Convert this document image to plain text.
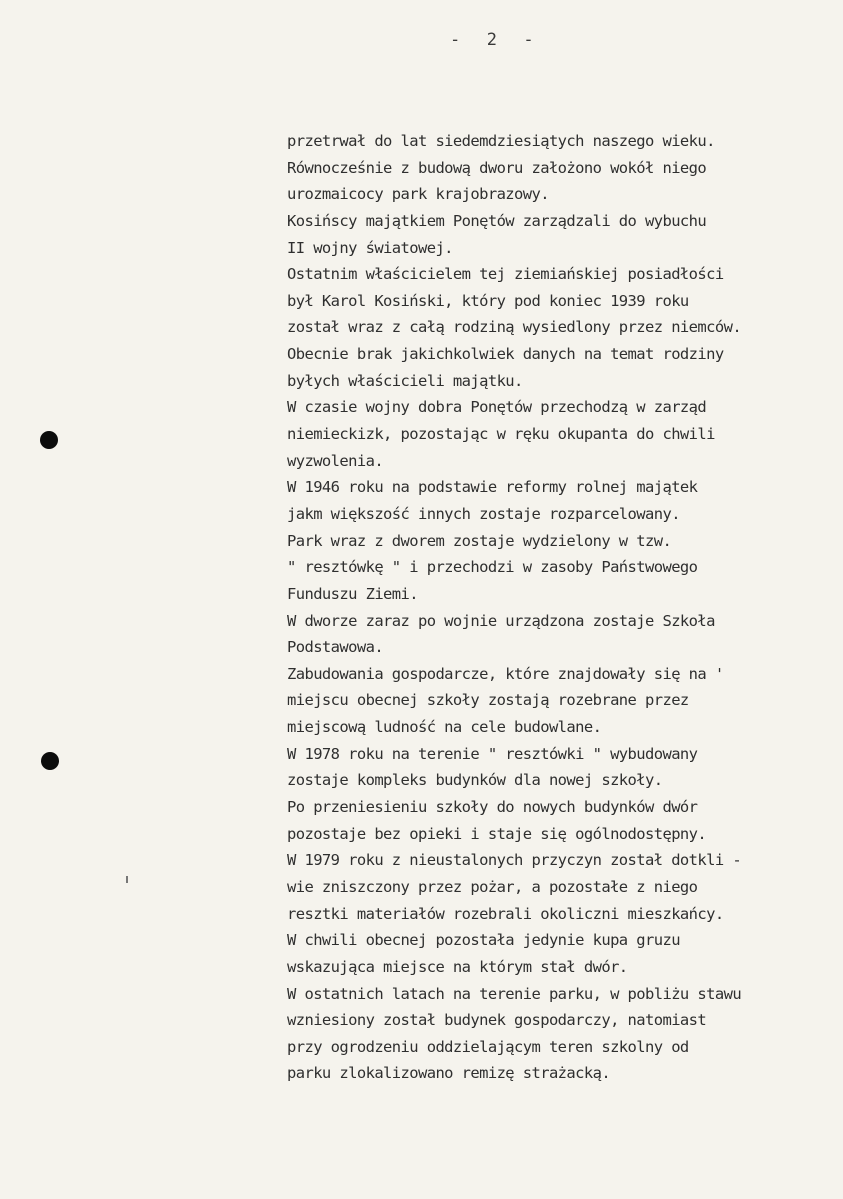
-  2  -
przetrwał do lat siedemdziesiątych naszego wieku.
Równocześnie z budową dworu założono wokół niego
urozmaicocy park krajobrazowy.
Kosińscy majątkiem Ponętów zarządzali do wybuchu
II wojny światowej.
Ostatnim właścicielem tej ziemiańskiej posiadłości
był Karol Kosiński, który pod koniec 1939 roku
został wraz z całą rodziną wysiedlony przez niemców.
Obecnie brak jakichkolwiek danych na temat rodziny
byłych właścicieli majątku.
W czasie wojny dobra Ponętów przechodzą w zarząd
niemieckizk, pozostając w ręku okupanta do chwili
wyzwolenia.
W 1946 roku na podstawie reformy rolnej majątek
jakm większość innych zostaje rozparcelowany.
Park wraz z dworem zostaje wydzielony w tzw.
" resztówkę " i przechodzi w zasoby Państwowego
Funduszu Ziemi.
W dworze zaraz po wojnie urządzona zostaje Szkoła
Podstawowa.
Zabudowania gospodarcze, które znajdowały się na '
miejscu obecnej szkoły zostają rozebrane przez
miejscową ludność na cele budowlane.
W 1978 roku na terenie " resztówki " wybudowany
zostaje kompleks budynków dla nowej szkoły.
Po przeniesieniu szkoły do nowych budynków dwór
pozostaje bez opieki i staje się ogólnodostępny.
W 1979 roku z nieustalonych przyczyn został dotkli -
wie zniszczony przez pożar, a pozostałe z niego
resztki materiałów rozebrali okoliczni mieszkańcy.
W chwili obecnej pozostała jedynie kupa gruzu
wskazująca miejsce na którym stał dwór.
W ostatnich latach na terenie parku, w pobliżu stawu
wzniesiony został budynek gospodarczy, natomiast
przy ogrodzeniu oddzielającym teren szkolny od
parku zlokalizowano remizę strażacką.
